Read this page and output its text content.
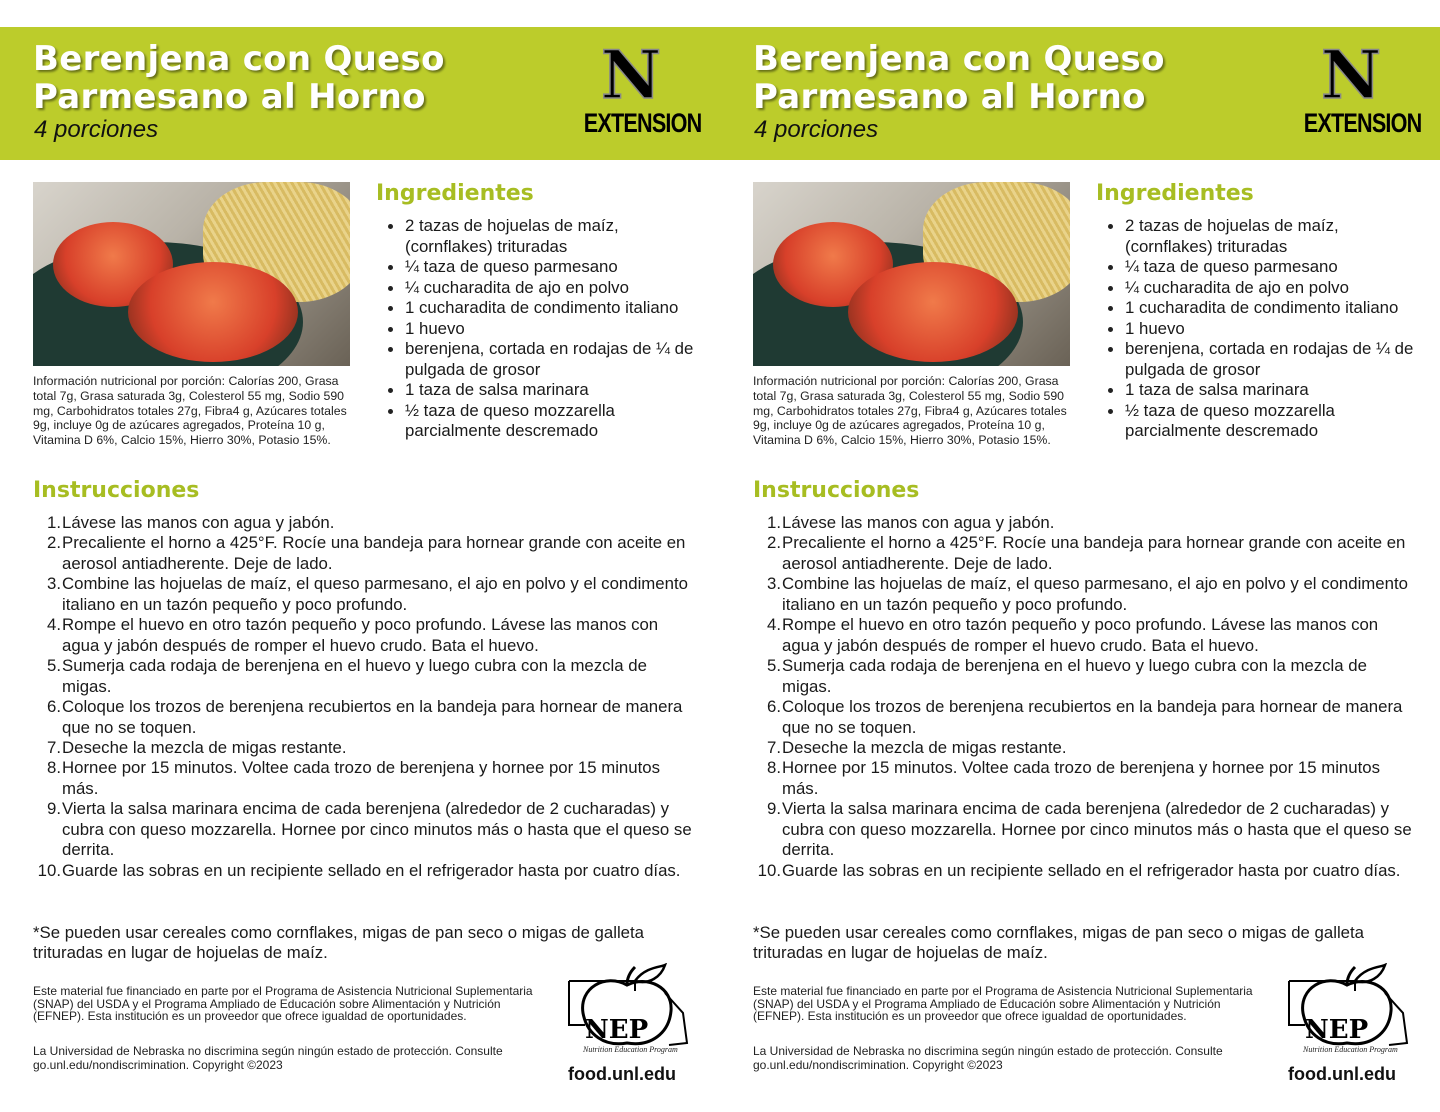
Berenjena con Queso
Parmesano al Horno
4 porciones
N
EXTENSION
Información nutricional por porción: Calorías 200, Grasa total 7g, Grasa saturada 3g, Colesterol 55 mg, Sodio 590 mg, Carbohidratos totales 27g, Fibra4 g, Azúcares totales 9g, incluye 0g de azúcares agregados, Proteína 10 g, Vitamina D 6%, Calcio 15%, Hierro 30%, Potasio 15%.
Ingredientes
2 tazas de hojuelas de maíz, (cornflakes) trituradas
¼ taza de queso parmesano
¼ cucharadita de ajo en polvo
1 cucharadita de condimento italiano
1 huevo
berenjena, cortada en rodajas de ¼ de pulgada de grosor
1 taza de salsa marinara
½ taza de queso mozzarella parcialmente descremado
Instrucciones
1. Lávese las manos con agua y jabón.
2. Precaliente el horno a 425°F. Rocíe una bandeja para hornear grande con aceite en aerosol antiadherente. Deje de lado.
3. Combine las hojuelas de maíz, el queso parmesano, el ajo en polvo y el condimento italiano en un tazón pequeño y poco profundo.
4. Rompe el huevo en otro tazón pequeño y poco profundo. Lávese las manos con agua y jabón después de romper el huevo crudo. Bata el huevo.
5. Sumerja cada rodaja de berenjena en el huevo y luego cubra con la mezcla de migas.
6. Coloque los trozos de berenjena recubiertos en la bandeja para hornear de manera que no se toquen.
7. Deseche la mezcla de migas restante.
8. Hornee por 15 minutos. Voltee cada trozo de berenjena y hornee por 15 minutos más.
9. Vierta la salsa marinara encima de cada berenjena (alrededor de 2 cucharadas) y cubra con queso mozzarella. Hornee por cinco minutos más o hasta que el queso se derrita.
10. Guarde las sobras en un recipiente sellado en el refrigerador hasta por cuatro días.
*Se pueden usar cereales como cornflakes, migas de pan seco o migas de galleta trituradas en lugar de hojuelas de maíz.
Este material fue financiado en parte por el Programa de Asistencia Nutricional Suplementaria (SNAP) del USDA y el Programa Ampliado de Educación sobre Alimentación y Nutrición (EFNEP). Esta institución es un proveedor que ofrece igualdad de oportunidades.
La Universidad de Nebraska no discrimina según ningún estado de protección. Consulte go.unl.edu/nondiscrimination. Copyright ©2023
NEP
Nutrition Education Program
food.unl.edu
Berenjena con Queso
Parmesano al Horno
4 porciones
N
EXTENSION
Información nutricional por porción: Calorías 200, Grasa total 7g, Grasa saturada 3g, Colesterol 55 mg, Sodio 590 mg, Carbohidratos totales 27g, Fibra4 g, Azúcares totales 9g, incluye 0g de azúcares agregados, Proteína 10 g, Vitamina D 6%, Calcio 15%, Hierro 30%, Potasio 15%.
Ingredientes
2 tazas de hojuelas de maíz, (cornflakes) trituradas
¼ taza de queso parmesano
¼ cucharadita de ajo en polvo
1 cucharadita de condimento italiano
1 huevo
berenjena, cortada en rodajas de ¼ de pulgada de grosor
1 taza de salsa marinara
½ taza de queso mozzarella parcialmente descremado
Instrucciones
1. Lávese las manos con agua y jabón.
2. Precaliente el horno a 425°F. Rocíe una bandeja para hornear grande con aceite en aerosol antiadherente. Deje de lado.
3. Combine las hojuelas de maíz, el queso parmesano, el ajo en polvo y el condimento italiano en un tazón pequeño y poco profundo.
4. Rompe el huevo en otro tazón pequeño y poco profundo. Lávese las manos con agua y jabón después de romper el huevo crudo. Bata el huevo.
5. Sumerja cada rodaja de berenjena en el huevo y luego cubra con la mezcla de migas.
6. Coloque los trozos de berenjena recubiertos en la bandeja para hornear de manera que no se toquen.
7. Deseche la mezcla de migas restante.
8. Hornee por 15 minutos. Voltee cada trozo de berenjena y hornee por 15 minutos más.
9. Vierta la salsa marinara encima de cada berenjena (alrededor de 2 cucharadas) y cubra con queso mozzarella. Hornee por cinco minutos más o hasta que el queso se derrita.
10. Guarde las sobras en un recipiente sellado en el refrigerador hasta por cuatro días.
*Se pueden usar cereales como cornflakes, migas de pan seco o migas de galleta trituradas en lugar de hojuelas de maíz.
Este material fue financiado en parte por el Programa de Asistencia Nutricional Suplementaria (SNAP) del USDA y el Programa Ampliado de Educación sobre Alimentación y Nutrición (EFNEP). Esta institución es un proveedor que ofrece igualdad de oportunidades.
La Universidad de Nebraska no discrimina según ningún estado de protección. Consulte go.unl.edu/nondiscrimination. Copyright ©2023
NEP
Nutrition Education Program
food.unl.edu
